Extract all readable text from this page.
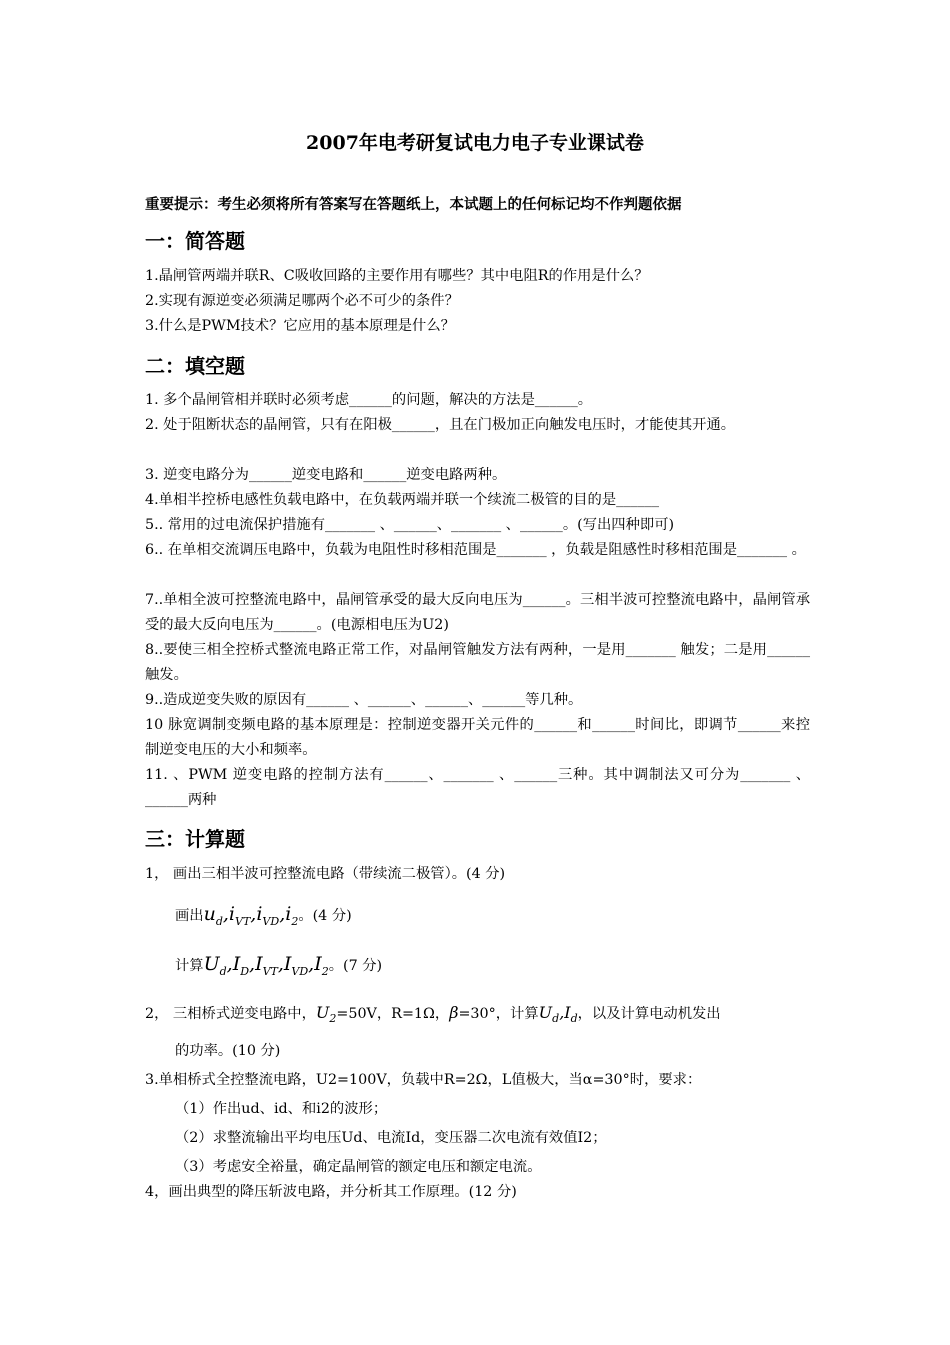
2007年电考研复试电力电子专业课试卷
重要提示：考生必须将所有答案写在答题纸上，本试题上的任何标记均不作判题依据
一：简答题
1.晶闸管两端并联R、C吸收回路的主要作用有哪些？其中电阻R的作用是什么？
2.实现有源逆变必须满足哪两个必不可少的条件？
3.什么是PWM技术？它应用的基本原理是什么？
二：填空题
1. 多个晶闸管相并联时必须考虑______的问题，解决的方法是______。
2. 处于阻断状态的晶闸管，只有在阳极______，且在门极加正向触发电压时，才能使其开通。
3. 逆变电路分为______逆变电路和______逆变电路两种。
4.单相半控桥电感性负载电路中，在负载两端并联一个续流二极管的目的是______
5.. 常用的过电流保护措施有_______ 、______、_______ 、______。(写出四种即可)
6.. 在单相交流调压电路中，负载为电阻性时移相范围是_______ ，负载是阻感性时移相范围是_______ 。
7..单相全波可控整流电路中，晶闸管承受的最大反向电压为______。三相半波可控整流电路中，晶闸管承受的最大反向电压为______。(电源相电压为U2)
8..要使三相全控桥式整流电路正常工作，对晶闸管触发方法有两种，一是用_______ 触发；二是用______触发。
9..造成逆变失败的原因有______ 、______、______、______等几种。
10 脉宽调制变频电路的基本原理是：控制逆变器开关元件的______和______时间比，即调节______来控制逆变电压的大小和频率。
11. 、PWM 逆变电路的控制方法有______、_______ 、______三种。其中调制法又可分为_______ 、______两种
三：计算题
1， 画出三相半波可控整流电路（带续流二极管）。(4 分)
画出$u_d,i_{VT},i_{VD},i_2$。(4 分)
计算$U_d,I_D,I_{VT},I_{VD},I_2$。(7 分)
2， 三相桥式逆变电路中，$U_2=50V$，R=1Ω，β=30°，计算$U_d,I_d$，以及计算电动机发出
的功率。(10 分)
3.单相桥式全控整流电路，U2=100V，负载中R=2Ω，L值极大，当α=30°时，要求：
（1）作出ud、id、和i2的波形；
（2）求整流输出平均电压Ud、电流Id，变压器二次电流有效值I2；
（3）考虑安全裕量，确定晶闸管的额定电压和额定电流。
4，画出典型的降压斩波电路，并分析其工作原理。(12 分)
